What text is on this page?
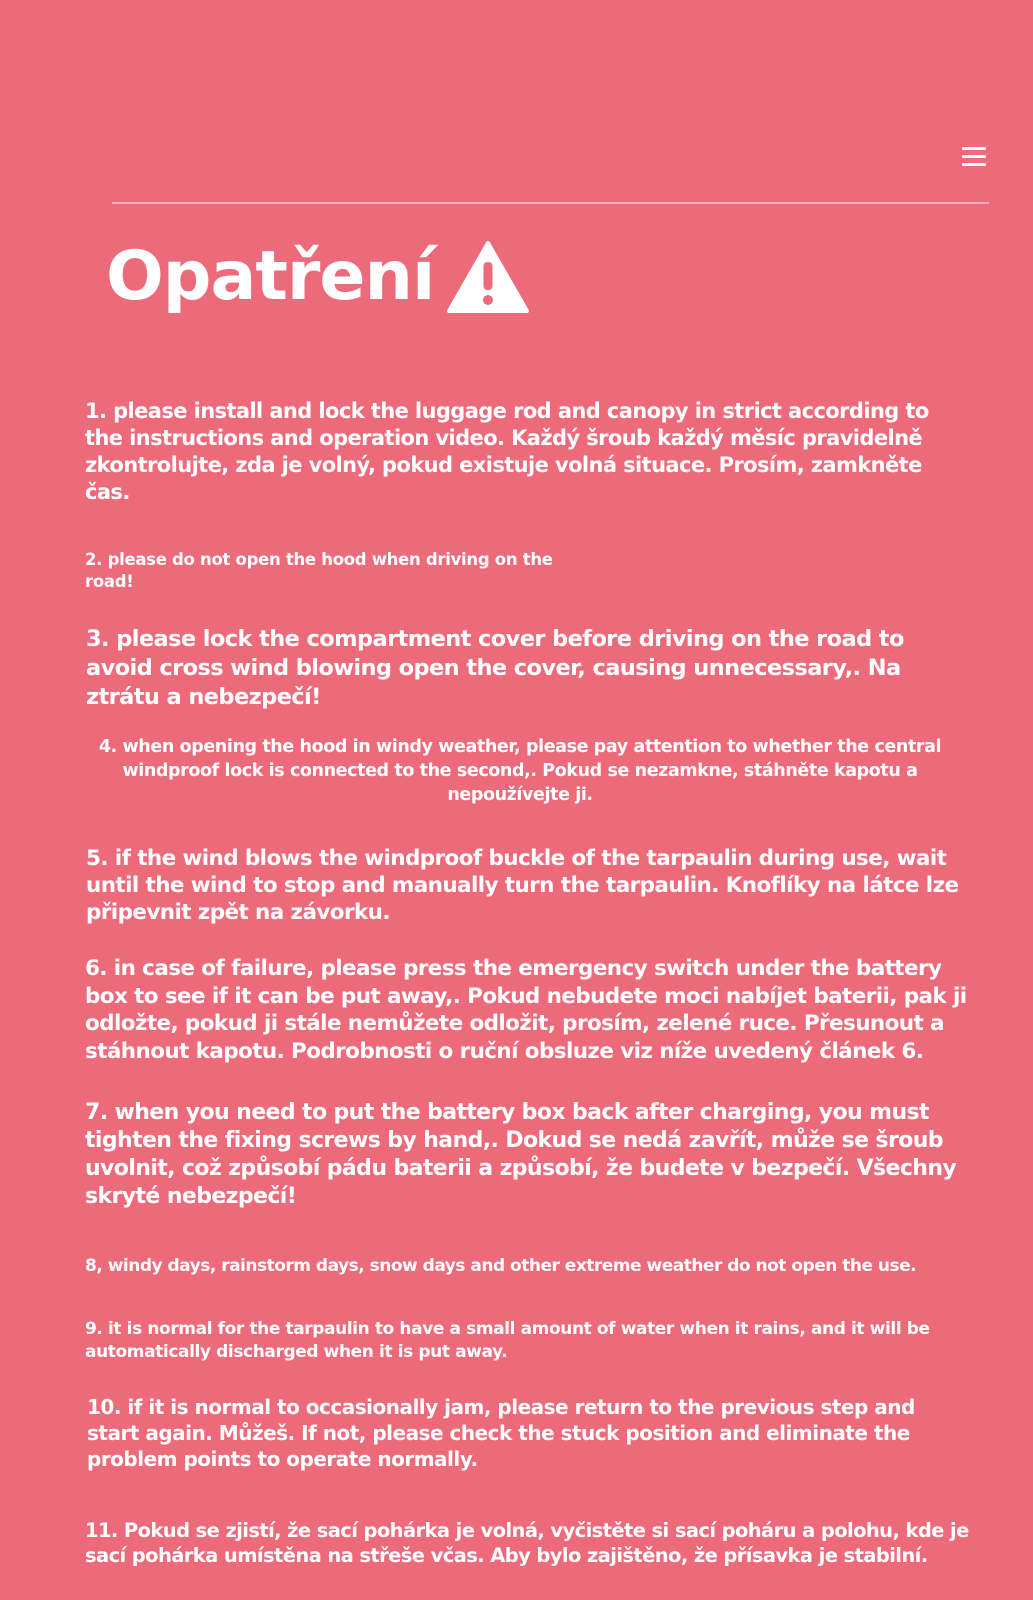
Opatření

1. please install and lock the luggage rod and canopy in strict according to the instructions and operation video. Každý šroub každý měsíc pravidelně zkontrolujte, zda je volný, pokud existuje volná situace. Prosím, zamkněte čas.

2. please do not open the hood when driving on the road!

3. please lock the compartment cover before driving on the road to avoid cross wind blowing open the cover, causing unnecessary,. Na ztrátu a nebezpečí!

4. when opening the hood in windy weather, please pay attention to whether the central windproof lock is connected to the second,. Pokud se nezamkne, stáhněte kapotu a nepoužívejte ji.

5. if the wind blows the windproof buckle of the tarpaulin during use, wait until the wind to stop and manually turn the tarpaulin. Knoflíky na látce lze připevnit zpět na závorku.

6. in case of failure, please press the emergency switch under the battery box to see if it can be put away,. Pokud nebudete moci nabíjet baterii, pak ji odložte, pokud ji stále nemůžete odložit, prosím, zelené ruce. Přesunout a stáhnout kapotu. Podrobnosti o ruční obsluze viz níže uvedený článek 6.

7. when you need to put the battery box back after charging, you must tighten the fixing screws by hand,. Dokud se nedá zavřít, může se šroub uvolnit, což způsobí pádu baterii a způsobí, že budete v bezpečí. Všechny skryté nebezpečí!

8, windy days, rainstorm days, snow days and other extreme weather do not open the use.

9. it is normal for the tarpaulin to have a small amount of water when it rains, and it will be automatically discharged when it is put away.

10. if it is normal to occasionally jam, please return to the previous step and start again. Můžeš. If not, please check the stuck position and eliminate the problem points to operate normally.

11. Pokud se zjistí, že sací pohárka je volná, vyčistěte si sací poháru a polohu, kde je sací pohárka umístěna na střeše včas. Aby bylo zajištěno, že přísavka je stabilní.
